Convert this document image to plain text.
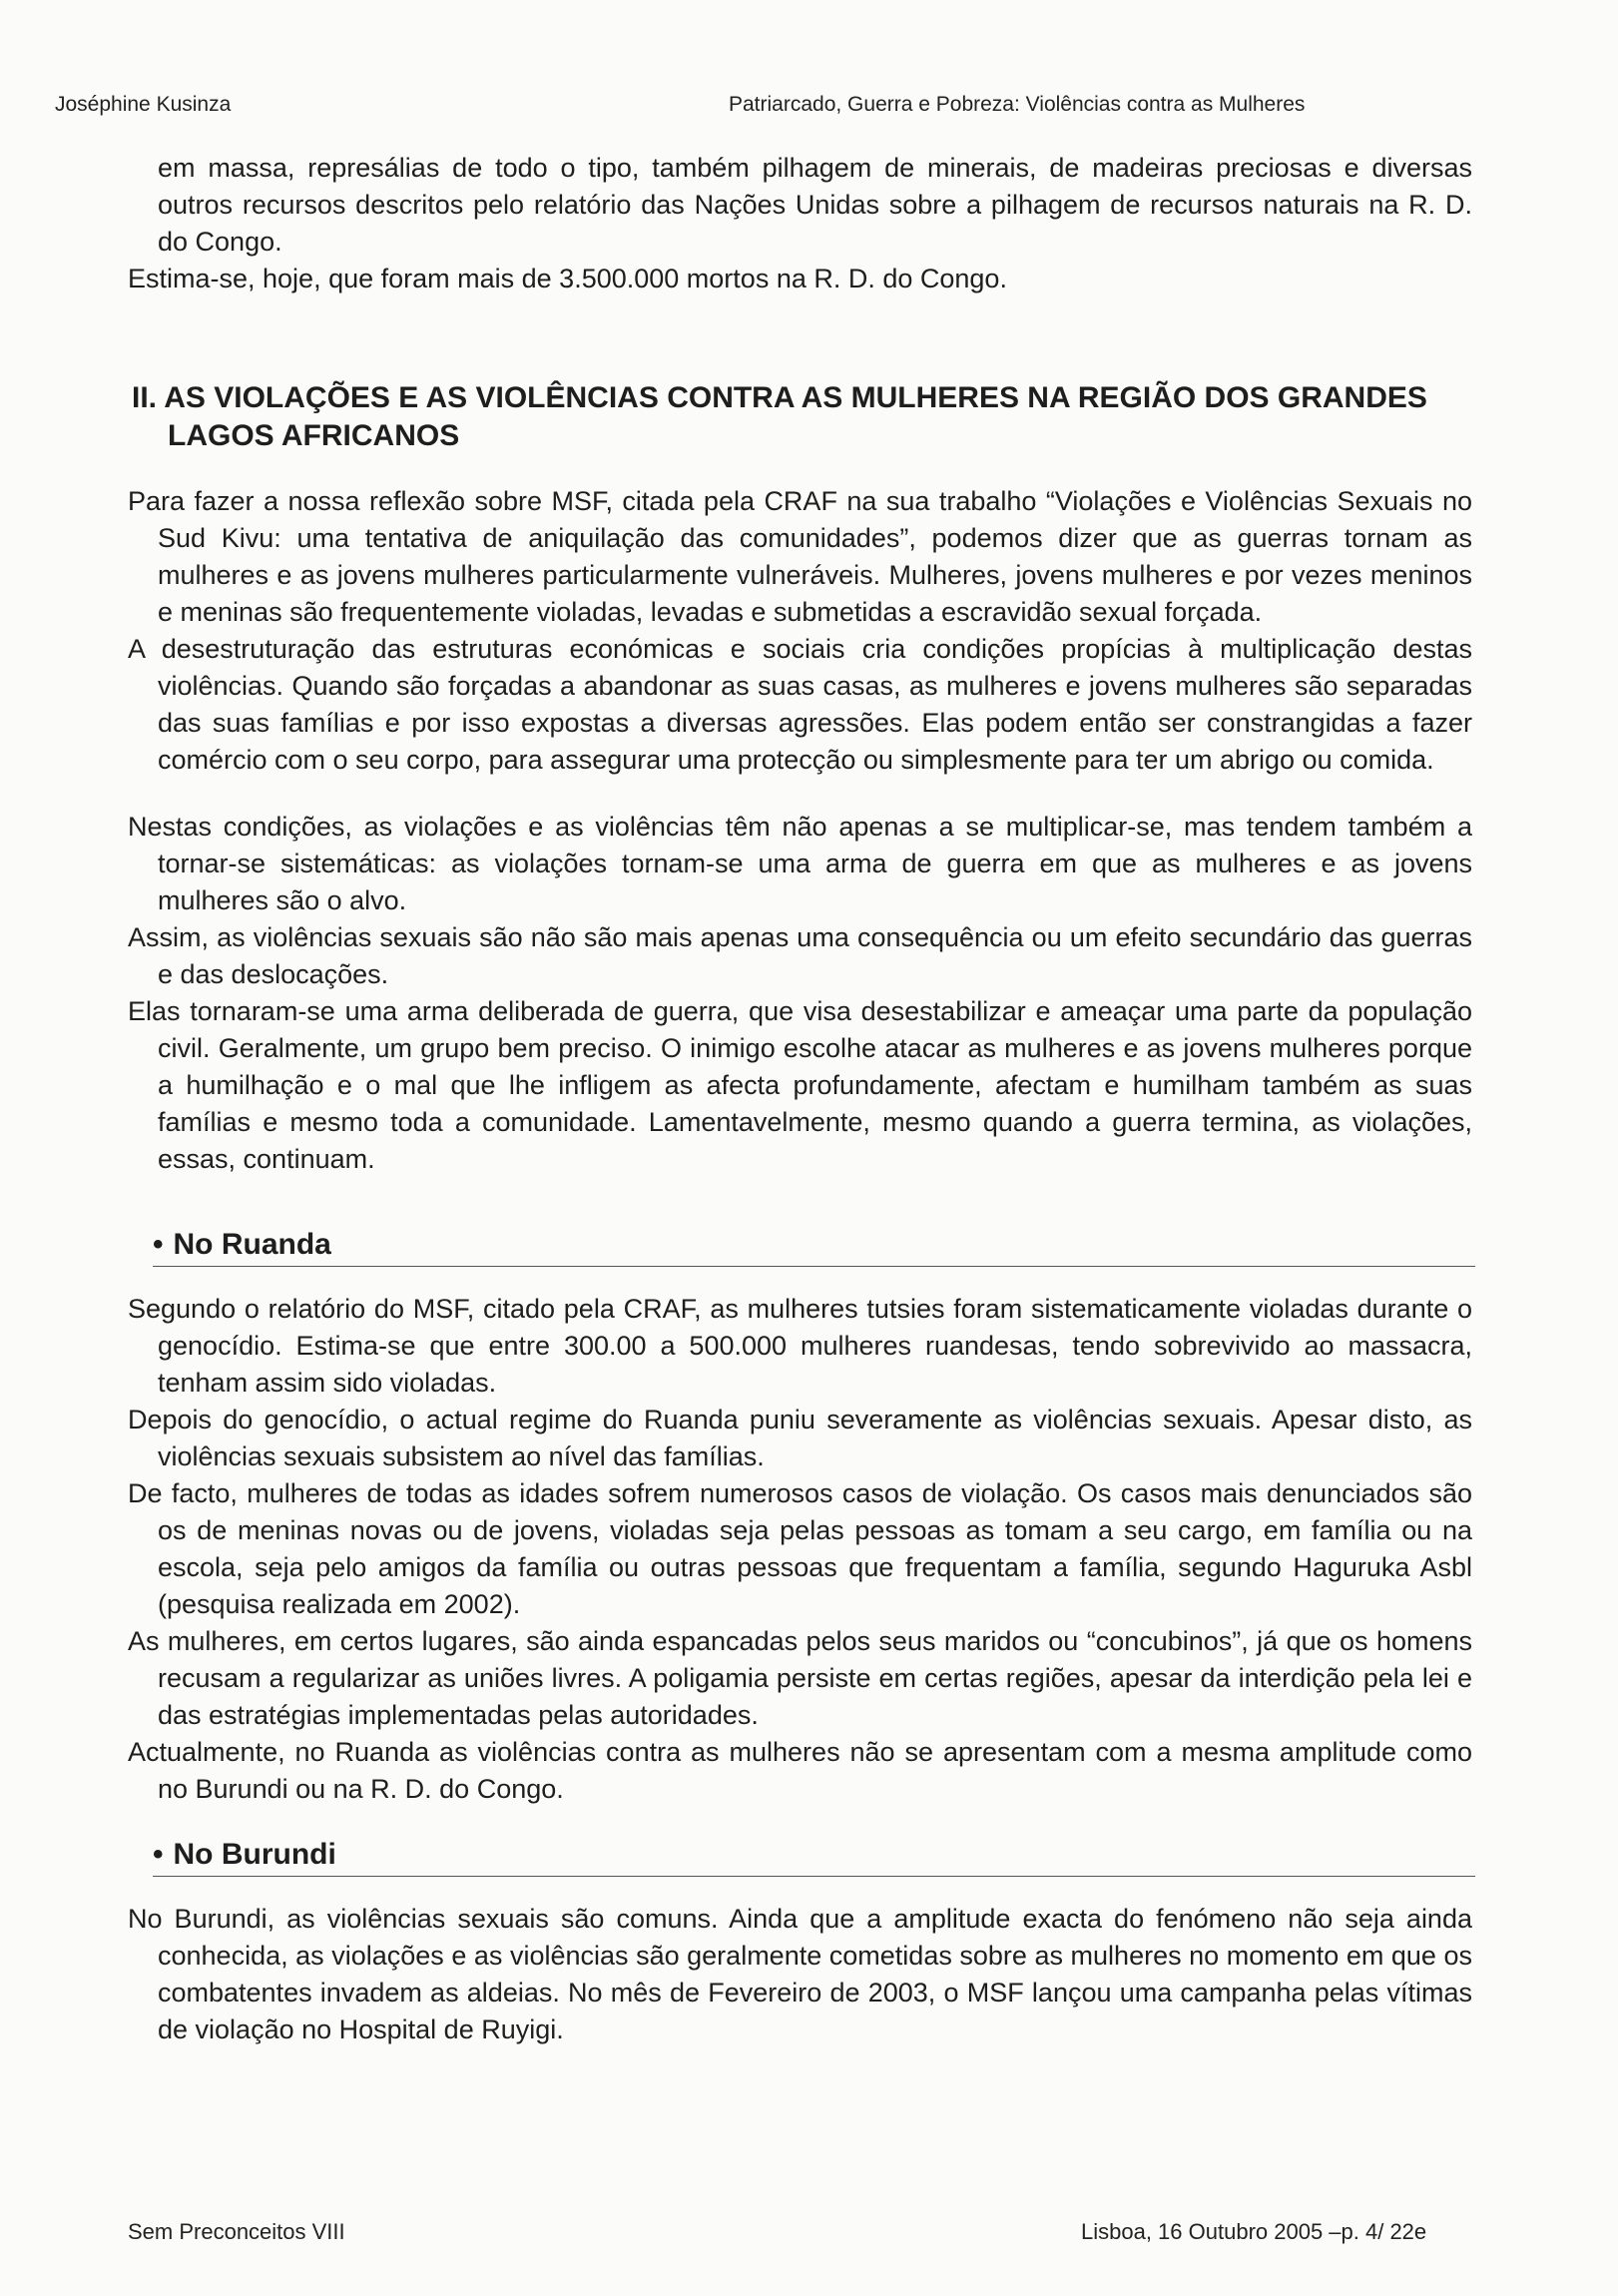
Joséphine Kusinza	Patriarcado, Guerra e Pobreza: Violências contra as Mulheres

em massa, represálias de todo o tipo, também pilhagem de minerais, de madeiras preciosas e diversas outros recursos descritos pelo relatório das Nações Unidas sobre a pilhagem de recursos naturais na R. D. do Congo.

Estima-se, hoje, que foram mais de 3.500.000 mortos na R. D. do Congo.

II. AS VIOLAÇÕES E AS VIOLÊNCIAS CONTRA AS MULHERES NA REGIÃO DOS GRANDES LAGOS AFRICANOS

Para fazer a nossa reflexão sobre MSF, citada pela CRAF na sua trabalho “Violações e Violências Sexuais no Sud Kivu: uma tentativa de aniquilação das comunidades”, podemos dizer que as guerras tornam as mulheres e as jovens mulheres particularmente vulneráveis. Mulheres, jovens mulheres e por vezes meninos e meninas são frequentemente violadas, levadas e submetidas a escravidão sexual forçada.

A desestruturação das estruturas económicas e sociais cria condições propícias à multiplicação destas violências. Quando são forçadas a abandonar as suas casas, as mulheres e jovens mulheres são separadas das suas famílias e por isso expostas a diversas agressões. Elas podem então ser constrangidas a fazer comércio com o seu corpo, para assegurar uma protecção ou simplesmente para ter um abrigo ou comida.

Nestas condições, as violações e as violências têm não apenas a se multiplicar-se, mas tendem também a tornar-se sistemáticas: as violações tornam-se uma arma de guerra em que as mulheres e as jovens mulheres são o alvo.

Assim, as violências sexuais são não são mais apenas uma consequência ou um efeito secundário das guerras e das deslocações.

Elas tornaram-se uma arma deliberada de guerra, que visa desestabilizar e ameaçar uma parte da população civil. Geralmente, um grupo bem preciso. O inimigo escolhe atacar as mulheres e as jovens mulheres porque a humilhação e o mal que lhe infligem as afecta profundamente, afectam e humilham também as suas famílias e mesmo toda a comunidade. Lamentavelmente, mesmo quando a guerra termina, as violações, essas, continuam.

• No Ruanda

Segundo o relatório do MSF, citado pela CRAF, as mulheres tutsies foram sistematicamente violadas durante o genocídio. Estima-se que entre 300.00 a 500.000 mulheres ruandesas, tendo sobrevivido ao massacra, tenham assim sido violadas.

Depois do genocídio, o actual regime do Ruanda puniu severamente as violências sexuais. Apesar disto, as violências sexuais subsistem ao nível das famílias.

De facto, mulheres de todas as idades sofrem numerosos casos de violação. Os casos mais denunciados são os de meninas novas ou de jovens, violadas seja pelas pessoas as tomam a seu cargo, em família ou na escola, seja pelo amigos da família ou outras pessoas que frequentam a família, segundo Haguruka Asbl (pesquisa realizada em 2002).

As mulheres, em certos lugares, são ainda espancadas pelos seus maridos ou “concubinos”, já que os homens recusam a regularizar as uniões livres. A poligamia persiste em certas regiões, apesar da interdição pela lei e das estratégias implementadas pelas autoridades.

Actualmente, no Ruanda as violências contra as mulheres não se apresentam com a mesma amplitude como no Burundi ou na R. D. do Congo.

• No Burundi

No Burundi, as violências sexuais são comuns. Ainda que a amplitude exacta do fenómeno não seja ainda conhecida, as violações e as violências são geralmente cometidas sobre as mulheres no momento em que os combatentes invadem as aldeias. No mês de Fevereiro de 2003, o MSF lançou uma campanha pelas vítimas de violação no Hospital de Ruyigi.

Sem Preconceitos VIII	Lisboa, 16 Outubro 2005 –p. 4/ 22e
